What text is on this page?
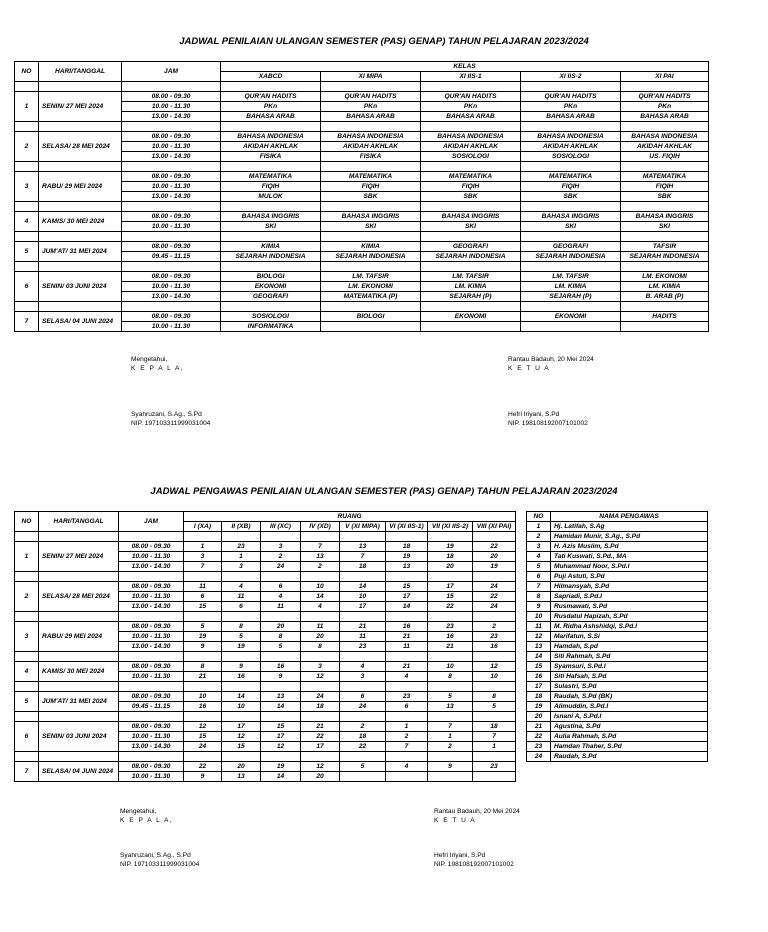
JADWAL PENILAIAN ULANGAN SEMESTER (PAS) GENAP) TAHUN PELAJARAN 2023/2024
NO	HARI/TANGGAL	JAM	KELAS				
			XABCD	XI MIPA	XI IIS-1	XI IIS-2	XI PAI

1	SENIN/ 27 MEI 2024	08.00 - 09.30	QUR'AN HADITS	QUR'AN HADITS	QUR'AN HADITS	QUR'AN HADITS	QUR'AN HADITS
		10.00 - 11.30	PKn	PKn	PKn	PKn	PKn
		13.00 - 14.30	BAHASA ARAB	BAHASA ARAB	BAHASA ARAB	BAHASA ARAB	BAHASA ARAB

2	SELASA/ 28 MEI 2024	08.00 - 09.30	BAHASA INDONESIA	BAHASA INDONESIA	BAHASA INDONESIA	BAHASA INDONESIA	BAHASA INDONESIA
		10.00 - 11.30	AKIDAH AKHLAK	AKIDAH AKHLAK	AKIDAH AKHLAK	AKIDAH AKHLAK	AKIDAH AKHLAK
		13.00 - 14.30	FISIKA	FISIKA	SOSIOLOGI	SOSIOLOGI	US. FIQIH

3	RABU/ 29 MEI 2024	08.00 - 09.30	MATEMATIKA	MATEMATIKA	MATEMATIKA	MATEMATIKA	MATEMATIKA
		10.00 - 11.30	FIQIH	FIQIH	FIQIH	FIQIH	FIQIH
		13.00 - 14.30	MULOK	SBK	SBK	SBK	SBK

4	KAMIS/ 30 MEI 2024	08.00 - 09.30	BAHASA INGGRIS	BAHASA INGGRIS	BAHASA INGGRIS	BAHASA INGGRIS	BAHASA INGGRIS
		10.00 - 11.30	SKI	SKI	SKI	SKI	SKI

5	JUM'AT/ 31 MEI 2024	08.00 - 09.30	KIMIA	KIMIA	GEOGRAFI	GEOGRAFI	TAFSIR
		09.45 - 11.15	SEJARAH INDONESIA	SEJARAH INDONESIA	SEJARAH INDONESIA	SEJARAH INDONESIA	SEJARAH INDONESIA

6	SENIN/ 03 JUNI 2024	08.00 - 09.30	BIOLOGI	LM. TAFSIR	LM. TAFSIR	LM. TAFSIR	LM. EKONOMI
		10.00 - 11.30	EKONOMI	LM. EKONOMI	LM. KIMIA	LM. KIMIA	LM. KIMIA
		13.00 - 14.30	GEOGRAFI	MATEMATIKA (P)	SEJARAH (P)	SEJARAH (P)	B. ARAB (P)

7	SELASA/ 04 JUNI 2024	08.00 - 09.30	SOSIOLOGI	BIOLOGI	EKONOMI	EKONOMI	HADITS
		10.00 - 11.30	INFORMATIKA				
Mengetahui,
K E P A L A,
Syahruzani, S.Ag., S.Pd
NIP. 197103311999031004
Rantau Badauh, 20 Mei 2024
K E T U A
Hefri Iriyani, S.Pd
NIP. 198108192007101002
JADWAL PENGAWAS PENILAIAN ULANGAN SEMESTER (PAS) GENAP) TAHUN PELAJARAN 2023/2024
NO	HARI/TANGGAL	JAM	RUANG							
			I (XA)	II (XB)	III (XC)	IV (XD)	V (XI MIPA)	VI (XI IIS-1)	VII (XI IIS-2)	VIII (XI PAI)

1	SENIN/ 27 MEI 2024	08.00 - 09.30	1	23	3	7	13	18	19	22
		10.00 - 11.30	3	1	2	13	7	19	18	20
		13.00 - 14.30	7	3	24	2	18	13	20	19

2	SELASA/ 28 MEI 2024	08.00 - 09.30	11	4	6	10	14	15	17	24
		10.00 - 11.30	6	11	4	14	10	17	15	22
		13.00 - 14.30	15	6	11	4	17	14	22	24

3	RABU/ 29 MEI 2024	08.00 - 09.30	5	8	20	11	21	16	23	2
		10.00 - 11.30	19	5	8	20	11	21	16	23
		13.00 - 14.30	9	19	5	8	23	11	21	16

4	KAMIS/ 30 MEI 2024	08.00 - 09.30	8	9	16	3	4	21	10	12
		10.00 - 11.30	21	16	9	12	3	4	8	10

5	JUM'AT/ 31 MEI 2024	08.00 - 09.30	10	14	13	24	6	23	5	8
		09.45 - 11.15	16	10	14	18	24	6	13	5

6	SENIN/ 03 JUNI 2024	08.00 - 09.30	12	17	15	21	2	1	7	18
		10.00 - 11.30	15	12	17	22	18	2	1	7
		13.00 - 14.30	24	15	12	17	22	7	2	1

7	SELASA/ 04 JUNI 2024	08.00 - 09.30	22	20	19	12	5	4	9	23
		10.00 - 11.30	9	13	14	20				
NO	NAMA PENGAWAS
1	Hj. Latifah, S.Ag
2	Hamidan Munir, S.Ag., S.Pd
3	H. Azis Muslim, S.Pd
4	Tati Kuswati, S.Pd., MA
5	Muhammad Noor, S.Pd.I
6	Puji Astuti, S.Pd
7	Hilmansyah, S.Pd
8	Sapriadi, S.Pd.I
9	Rusmawati, S.Pd
10	Rusdatul Hapizah, S.Pd
11	M. Ridha Ashshidqi, S.Pd.I
12	Marifatun, S.Si
13	Hamdah, S.pd
14	Siti Rahmah, S.Pd
15	Syamsuri, S.Pd.I
16	Siti Hafsah, S.Pd
17	Sulastri, S.Pd
18	Raudah, S.Pd (BK)
19	Alimuddin, S.Pd.I
20	Isnani A, S.Pd.I
21	Agustina, S.Pd
22	Aulia Rahmah, S.Pd
23	Hamdan Thaher, S.Pd
24	Raudah, S.Pd
Mengetahui,
K E P A L A,
Syahruzani, S.Ag., S.Pd
NIP. 197103311999031004
Rantau Badauh, 20 Mei 2024
K E T U A
Hefri Iriyani, S.Pd
NIP. 198108192007101002
